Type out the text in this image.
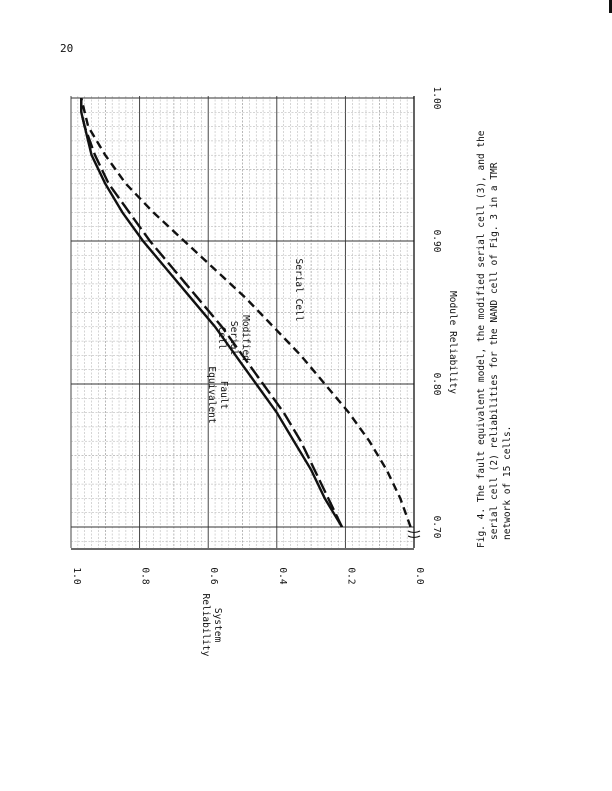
20
0.70
0.80
0.90
1.00
0.0
0.2
0.4
0.6
0.8
1.0
Module Reliability
System
Reliability
Fault
Equivalent
Modified
Serial
Cell
Serial Cell	Fig. 4. The fault equivalent model, the modified serial cell (3), and the serial cell (2) reliabilities for the NAND cell of Fig. 3 in a TMR network of 15 cells.
